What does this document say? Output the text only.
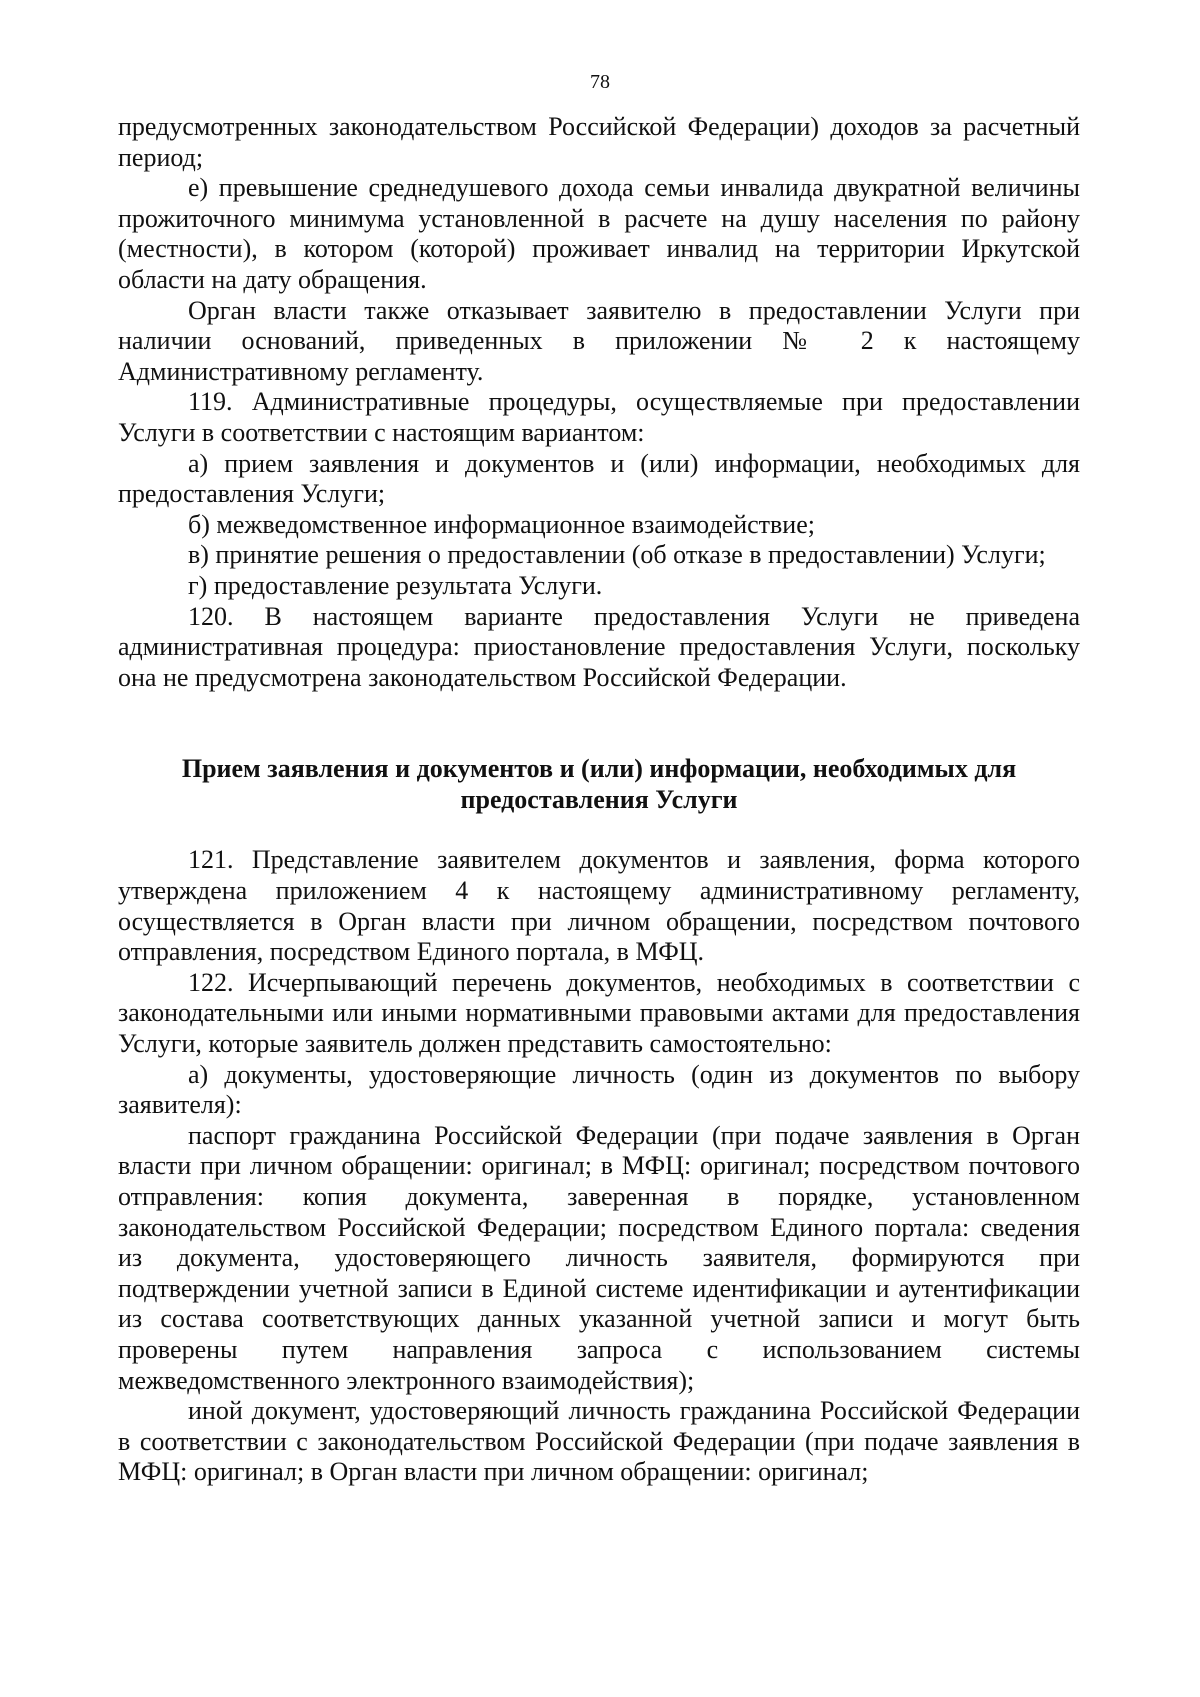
78

предусмотренных законодательством Российской Федерации) доходов за расчетный период;

е) превышение среднедушевого дохода семьи инвалида двукратной величины прожиточного минимума установленной в расчете на душу населения по району (местности), в котором (которой) проживает инвалид на территории Иркутской области на дату обращения.

Орган власти также отказывает заявителю в предоставлении Услуги при наличии оснований, приведенных в приложении № 2 к настоящему Административному регламенту.

119. Административные процедуры, осуществляемые при предоставлении Услуги в соответствии с настоящим вариантом:

а) прием заявления и документов и (или) информации, необходимых для предоставления Услуги;

б) межведомственное информационное взаимодействие;

в) принятие решения о предоставлении (об отказе в предоставлении) Услуги;

г) предоставление результата Услуги.

120. В настоящем варианте предоставления Услуги не приведена административная процедура: приостановление предоставления Услуги, поскольку она не предусмотрена законодательством Российской Федерации.

Прием заявления и документов и (или) информации, необходимых для
предоставления Услуги

121. Представление заявителем документов и заявления, форма которого утверждена приложением 4 к настоящему административному регламенту, осуществляется в Орган власти при личном обращении, посредством почтового отправления, посредством Единого портала, в МФЦ.

122. Исчерпывающий перечень документов, необходимых в соответствии с законодательными или иными нормативными правовыми актами для предоставления Услуги, которые заявитель должен представить самостоятельно:

а) документы, удостоверяющие личность (один из документов по выбору заявителя):

паспорт гражданина Российской Федерации (при подаче заявления в Орган власти при личном обращении: оригинал; в МФЦ: оригинал; посредством почтового отправления: копия документа, заверенная в порядке, установленном законодательством Российской Федерации; посредством Единого портала: сведения из документа, удостоверяющего личность заявителя, формируются при подтверждении учетной записи в Единой системе идентификации и аутентификации из состава соответствующих данных указанной учетной записи и могут быть проверены путем направления запроса с использованием системы межведомственного электронного взаимодействия);

иной документ, удостоверяющий личность гражданина Российской Федерации в соответствии с законодательством Российской Федерации (при подаче заявления в МФЦ: оригинал; в Орган власти при личном обращении: оригинал;
